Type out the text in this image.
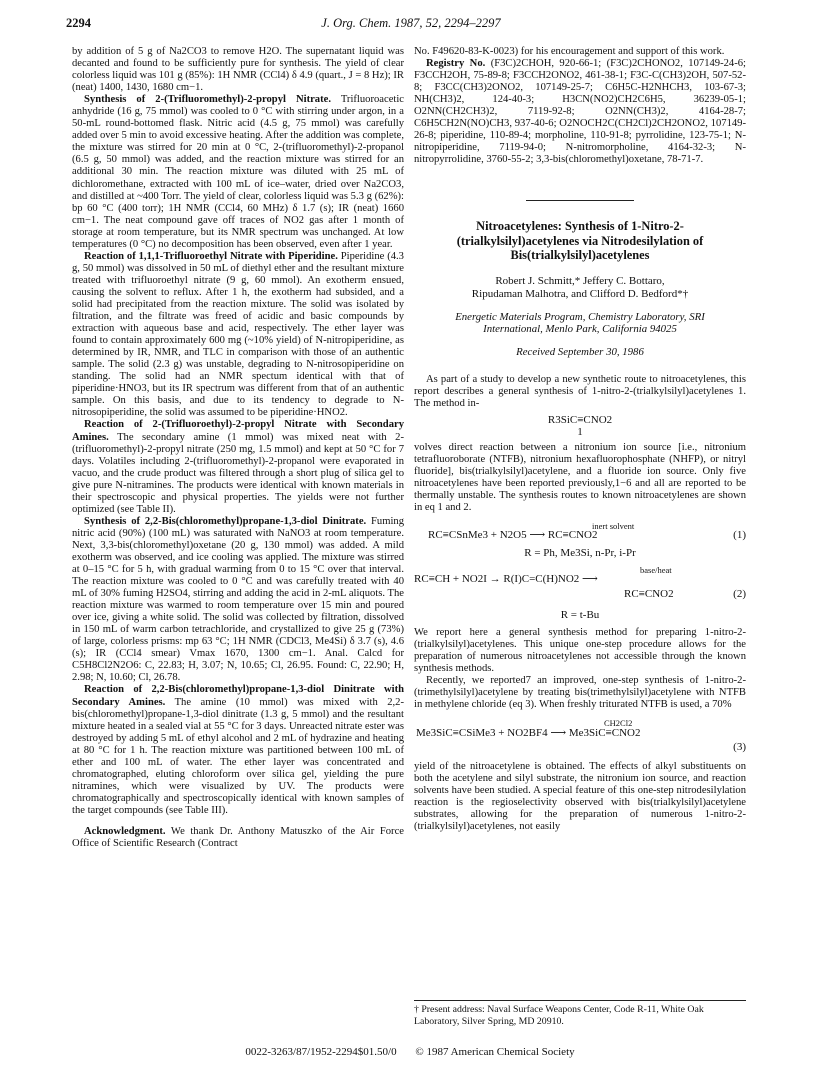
2294	J. Org. Chem. 1987, 52, 2294–2297

by addition of 5 g of Na2CO3 to remove H2O. The supernatant liquid was decanted and found to be sufficiently pure for synthesis. The yield of clear colorless liquid was 101 g (85%): 1H NMR (CCl4) δ 4.9 (quart., J = 8 Hz); IR (neat) 1400, 1430, 1680 cm−1.

Synthesis of 2-(Trifluoromethyl)-2-propyl Nitrate. Trifluoroacetic anhydride (16 g, 75 mmol) was cooled to 0 °C with stirring under argon, in a 50-mL round-bottomed flask. Nitric acid (4.5 g, 75 mmol) was carefully added over 5 min to avoid excessive heating. After the addition was complete, the mixture was stirred for 20 min at 0 °C, 2-(trifluoromethyl)-2-propanol (6.5 g, 50 mmol) was added, and the reaction mixture was stirred for an additional 30 min. The reaction mixture was diluted with 25 mL of dichloromethane, extracted with 100 mL of ice–water, dried over Na2CO3, and distilled at ~400 Torr. The yield of clear, colorless liquid was 5.3 g (62%): bp 60 °C (400 torr); 1H NMR (CCl4, 60 MHz) δ 1.7 (s); IR (neat) 1660 cm−1. The neat compound gave off traces of NO2 gas after 1 month of storage at room temperature, but its NMR spectrum was unchanged. At low temperatures (0 °C) no decomposition has been observed, even after 1 year.

Reaction of 1,1,1-Trifluoroethyl Nitrate with Piperidine. Piperidine (4.3 g, 50 mmol) was dissolved in 50 mL of diethyl ether and the resultant mixture treated with trifluoroethyl nitrate (9 g, 60 mmol). An exotherm ensued, causing the solvent to reflux. After 1 h, the exotherm had subsided, and a solid had precipitated from the reaction mixture. The solid was isolated by filtration, and the filtrate was freed of acidic and basic compounds by extraction with aqueous base and acid, respectively. The ether layer was found to contain approximately 600 mg (~10% yield) of N-nitropiperidine, as determined by IR, NMR, and TLC in comparison with those of an authentic sample. The solid (2.3 g) was unstable, degrading to N-nitrosopiperidine on standing. The solid had an NMR spectum identical with that of piperidine·HNO3, but its IR spectrum was different from that of an authentic sample. On this basis, and due to its tendency to degrade to N-nitrosopiperidine, the solid was assumed to be piperidine·HNO2.

Reaction of 2-(Trifluoroethyl)-2-propyl Nitrate with Secondary Amines. The secondary amine (1 mmol) was mixed neat with 2-(trifluoromethyl)-2-propyl nitrate (250 mg, 1.5 mmol) and kept at 50 °C for 7 days. Volatiles including 2-(trifluoromethyl)-2-propanol were evaporated in vacuo, and the crude product was filtered through a short plug of silica gel to give pure N-nitramines. The products were identical with known materials in their spectroscopic and physical properties. The yields were not further optimized (see Table II).

Synthesis of 2,2-Bis(chloromethyl)propane-1,3-diol Dinitrate. Fuming nitric acid (90%) (100 mL) was saturated with NaNO3 at room temperature. Next, 3,3-bis(chloromethyl)oxetane (20 g, 130 mmol) was added. A mild exotherm was observed, and ice cooling was applied. The mixture was stirred at 0–15 °C for 5 h, with gradual warming from 0 to 15 °C over that interval. The reaction mixture was cooled to 0 °C and was carefully treated with 40 mL of 30% fuming H2SO4, stirring and adding the acid in 2-mL aliquots. The reaction mixture was warmed to room temperature over 15 min and poured over ice, giving a white solid. The solid was collected by filtration, dissolved in 150 mL of warm carbon tetrachloride, and crystallized to give 25 g (73%) of large, colorless prisms: mp 63 °C; 1H NMR (CDCl3, Me4Si) δ 3.7 (s), 4.6 (s); IR (CCl4 smear) Vmax 1670, 1300 cm−1. Anal. Calcd for C5H8Cl2N2O6: C, 22.83; H, 3.07; N, 10.65; Cl, 26.95. Found: C, 22.90; H, 2.98; N, 10.60; Cl, 26.78.

Reaction of 2,2-Bis(chloromethyl)propane-1,3-diol Dinitrate with Secondary Amines. The amine (10 mmol) was mixed with 2,2-bis(chloromethyl)propane-1,3-diol dinitrate (1.3 g, 5 mmol) and the resultant mixture heated in a sealed vial at 55 °C for 3 days. Unreacted nitrate ester was destroyed by adding 5 mL of ethyl alcohol and 2 mL of hydrazine and heating at 80 °C for 1 h. The reaction mixture was partitioned between 100 mL of ether and 100 mL of water. The ether layer was concentrated and chromatographed, eluting chloroform over silica gel, yielding the pure nitramines, which were visualized by UV. The products were chromatographically and spectroscopically identical with known samples of the target compounds (see Table III).

Acknowledgment. We thank Dr. Anthony Matuszko of the Air Force Office of Scientific Research (Contract

No. F49620-83-K-0023) for his encouragement and support of this work.

Registry No. (F3C)2CHOH, 920-66-1; (F3C)2CHONO2, 107149-24-6; F3CCH2OH, 75-89-8; F3CCH2ONO2, 461-38-1; F3C-C(CH3)2OH, 507-52-8; F3CC(CH3)2ONO2, 107149-25-7; C6H5C-H2NHCH3, 103-67-3; NH(CH3)2, 124-40-3; H3CN(NO2)CH2C6H5, 36239-05-1; O2NN(CH2CH3)2, 7119-92-8; O2NN(CH3)2, 4164-28-7; C6H5CH2N(NO)CH3, 937-40-6; O2NOCH2C(CH2Cl)2CH2ONO2, 107149-26-8; piperidine, 110-89-4; morpholine, 110-91-8; pyrrolidine, 123-75-1; N-nitropiperidine, 7119-94-0; N-nitromorpholine, 4164-32-3; N-nitropyrrolidine, 3760-55-2; 3,3-bis(chloromethyl)oxetane, 78-71-7.

Nitroacetylenes: Synthesis of 1-Nitro-2-(trialkylsilyl)acetylenes via Nitrodesilylation of Bis(trialkylsilyl)acetylenes
Robert J. Schmitt,* Jeffery C. Bottaro,
Ripudaman Malhotra, and Clifford D. Bedford*†
Energetic Materials Program, Chemistry Laboratory, SRI
International, Menlo Park, California 94025
Received September 30, 1986

As part of a study to develop a new synthetic route to nitroacetylenes, this report describes a general synthesis of 1-nitro-2-(trialkylsilyl)acetylenes 1. The method in-

R3SiC≡CNO2
1

volves direct reaction between a nitronium ion source [i.e., nitronium tetrafluoroborate (NTFB), nitronium hexafluorophosphate (NHFP), or nitryl fluoride], bis(trialkylsilyl)acetylene, and a fluoride ion source. Only five nitroacetylenes have been reported previously,1−6 and all are reported to be thermally unstable. The synthesis routes to known nitroacetylenes are shown in eq 1 and 2.

inert solvent
RC≡CSnMe3 + N2O5 ⟶ RC≡CNO2	(1)
R = Ph, Me3Si, n-Pr, i-Pr
base/heat
RC≡CH + NO2I → R(I)C=C(H)NO2 ⟶
RC≡CNO2	(2)
R = t-Bu

We report here a general synthesis method for preparing 1-nitro-2-(trialkylsilyl)acetylenes. This unique one-step procedure allows for the preparation of numerous nitroacetylenes not accessible through the known synthesis methods.

Recently, we reported7 an improved, one-step synthesis of 1-nitro-2-(trimethylsilyl)acetylene by treating bis(trimethylsilyl)acetylene with NTFB in methylene chloride (eq 3). When freshly triturated NTFB is used, a 70%

CH2Cl2
Me3SiC≡CSiMe3 + NO2BF4 ⟶ Me3SiC≡CNO2
(3)

yield of the nitroacetylene is obtained. The effects of alkyl substituents on both the acetylene and silyl substrate, the nitronium ion source, and reaction solvents have been studied. A special feature of this one-step nitrodesilylation reaction is the regioselectivity observed with bis(trialkylsilyl)acetylene substrates, allowing for the preparation of numerous 1-nitro-2-(trialkylsilyl)acetylenes, not easily

† Present address: Naval Surface Weapons Center, Code R-11, White Oak Laboratory, Silver Spring, MD 20910.
0022-3263/87/1952-2294$01.50/0 © 1987 American Chemical Society
